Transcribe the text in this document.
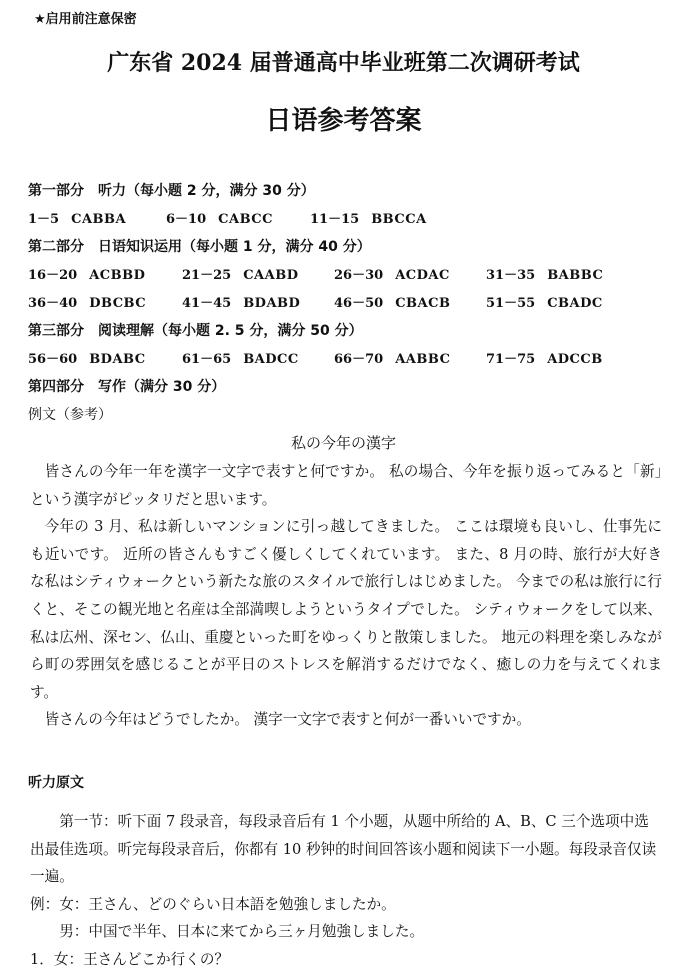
★启用前注意保密
广东省 2024 届普通高中毕业班第二次调研考试
日语参考答案
第一部分　听力（每小题 2 分，满分 30 分）
1－5 CABBA	6－10 CABCC	11－15 BBCCA
第二部分　日语知识运用（每小题 1 分，满分 40 分）
16－20 ACBBD	21－25 CAABD	26－30 ACDAC	31－35 BABBC
36－40 DBCBC	41－45 BDABD	46－50 CBACB	51－55 CBADC
第三部分　阅读理解（每小题 2. 5 分，满分 50 分）
56－60 BDABC	61－65 BADCC	66－70 AABBC	71－75 ADCCB
第四部分　写作（满分 30 分）
例文（参考）
私の今年の漢字

皆さんの今年一年を漢字一文字で表すと何ですか。 私の場合、今年を振り返ってみると「新」という漢字がピッタリだと思います。

今年の 3 月、私は新しいマンションに引っ越してきました。 ここは環境も良いし、仕事先にも近いです。 近所の皆さんもすごく優しくしてくれています。 また、8 月の時、旅行が大好きな私はシティウォークという新たな旅のスタイルで旅行しはじめました。 今までの私は旅行に行くと、そこの観光地と名産は全部満喫しようというタイプでした。 シティウォークをして以来、私は広州、深セン、仏山、重慶といった町をゆっくりと散策しました。 地元の料理を楽しみながら町の雰囲気を感じることが平日のストレスを解消するだけでなく、癒しの力を与えてくれます。

皆さんの今年はどうでしたか。 漢字一文字で表すと何が一番いいですか。

听力原文

第一节：听下面 7 段录音，每段录音后有 1 个小题，从题中所给的 A、B、C 三个选项中选出最佳选项。听完每段录音后，你都有 10 秒钟的时间回答该小题和阅读下一小题。每段录音仅读一遍。

例：女：王さん、どのぐらい日本語を勉強しましたか。

男：中国で半年、日本に来てから三ヶ月勉強しました。

1．女：王さんどこか行くの？
